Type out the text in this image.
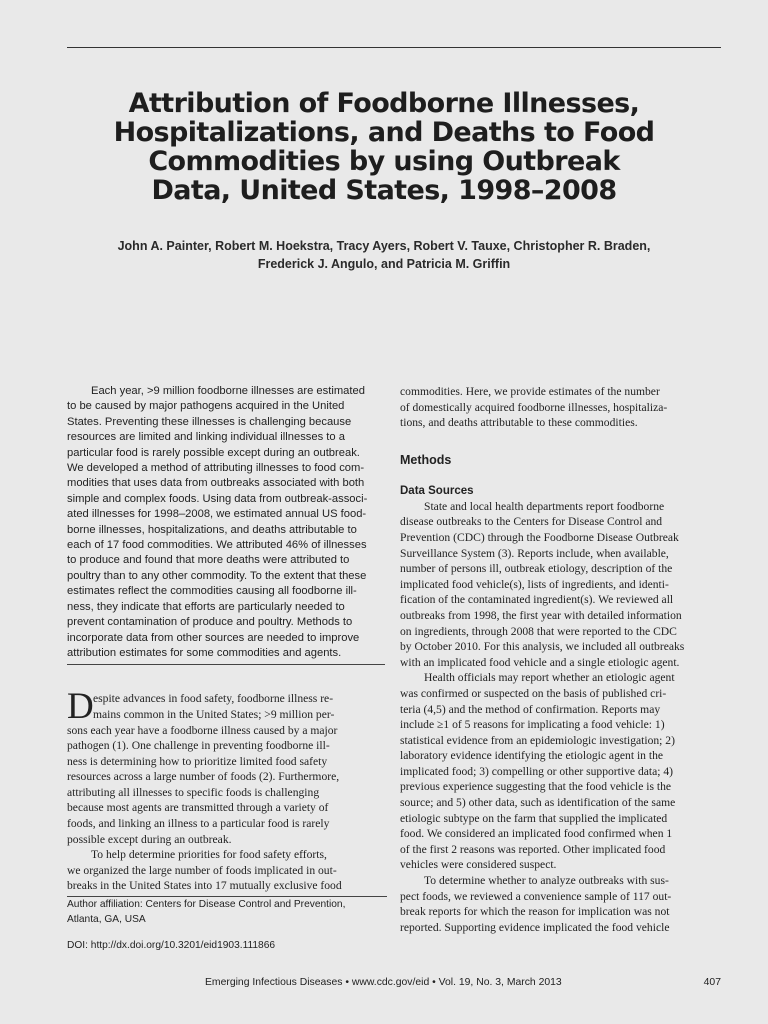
Attribution of Foodborne Illnesses,
Hospitalizations, and Deaths to Food
Commodities by using Outbreak
Data, United States, 1998–2008
John A. Painter, Robert M. Hoekstra, Tracy Ayers, Robert V. Tauxe, Christopher R. Braden,
Frederick J. Angulo, and Patricia M. Griffin
Each year, >9 million foodborne illnesses are estimated
to be caused by major pathogens acquired in the United
States. Preventing these illnesses is challenging because
resources are limited and linking individual illnesses to a
particular food is rarely possible except during an outbreak.
We developed a method of attributing illnesses to food com-
modities that uses data from outbreaks associated with both
simple and complex foods. Using data from outbreak-associ-
ated illnesses for 1998–2008, we estimated annual US food-
borne illnesses, hospitalizations, and deaths attributable to
each of 17 food commodities. We attributed 46% of illnesses
to produce and found that more deaths were attributed to
poultry than to any other commodity. To the extent that these
estimates reflect the commodities causing all foodborne ill-
ness, they indicate that efforts are particularly needed to
prevent contamination of produce and poultry. Methods to
incorporate data from other sources are needed to improve
attribution estimates for some commodities and agents.
D espite advances in food safety, foodborne illness re-
mains common in the United States; >9 million per-
sons each year have a foodborne illness caused by a major
pathogen (1). One challenge in preventing foodborne ill-
ness is determining how to prioritize limited food safety
resources across a large number of foods (2). Furthermore,
attributing all illnesses to specific foods is challenging
because most agents are transmitted through a variety of
foods, and linking an illness to a particular food is rarely
possible except during an outbreak.
To help determine priorities for food safety efforts,
we organized the large number of foods implicated in out-
breaks in the United States into 17 mutually exclusive food
Author affiliation: Centers for Disease Control and Prevention,
Atlanta, GA, USA
DOI: http://dx.doi.org/10.3201/eid1903.111866
commodities. Here, we provide estimates of the number
of domestically acquired foodborne illnesses, hospitaliza-
tions, and deaths attributable to these commodities.
Methods
Data Sources
State and local health departments report foodborne
disease outbreaks to the Centers for Disease Control and
Prevention (CDC) through the Foodborne Disease Outbreak
Surveillance System (3). Reports include, when available,
number of persons ill, outbreak etiology, description of the
implicated food vehicle(s), lists of ingredients, and identi-
fication of the contaminated ingredient(s). We reviewed all
outbreaks from 1998, the first year with detailed information
on ingredients, through 2008 that were reported to the CDC
by October 2010. For this analysis, we included all outbreaks
with an implicated food vehicle and a single etiologic agent.
Health officials may report whether an etiologic agent
was confirmed or suspected on the basis of published cri-
teria (4,5) and the method of confirmation. Reports may
include ≥1 of 5 reasons for implicating a food vehicle: 1)
statistical evidence from an epidemiologic investigation; 2)
laboratory evidence identifying the etiologic agent in the
implicated food; 3) compelling or other supportive data; 4)
previous experience suggesting that the food vehicle is the
source; and 5) other data, such as identification of the same
etiologic subtype on the farm that supplied the implicated
food. We considered an implicated food confirmed when 1
of the first 2 reasons was reported. Other implicated food
vehicles were considered suspect.
To determine whether to analyze outbreaks with sus-
pect foods, we reviewed a convenience sample of 117 out-
break reports for which the reason for implication was not
reported. Supporting evidence implicated the food vehicle
Emerging Infectious Diseases • www.cdc.gov/eid • Vol. 19, No. 3, March 2013	407
